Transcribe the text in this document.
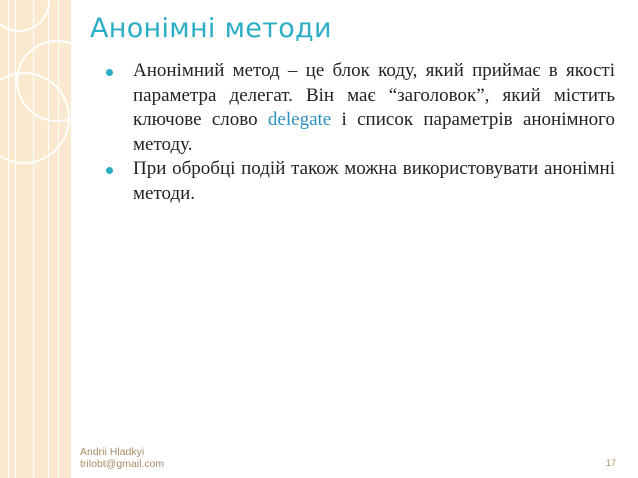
Анонімні методи
Анонімний метод – це блок коду, який приймає в якості параметра делегат. Він має “заголовок”, який містить ключове слово delegate і список параметрів анонімного методу.
При обробці подій також можна використовувати анонімні методи.
Andrii Hladkyi
trilobt@gmail.com	17
